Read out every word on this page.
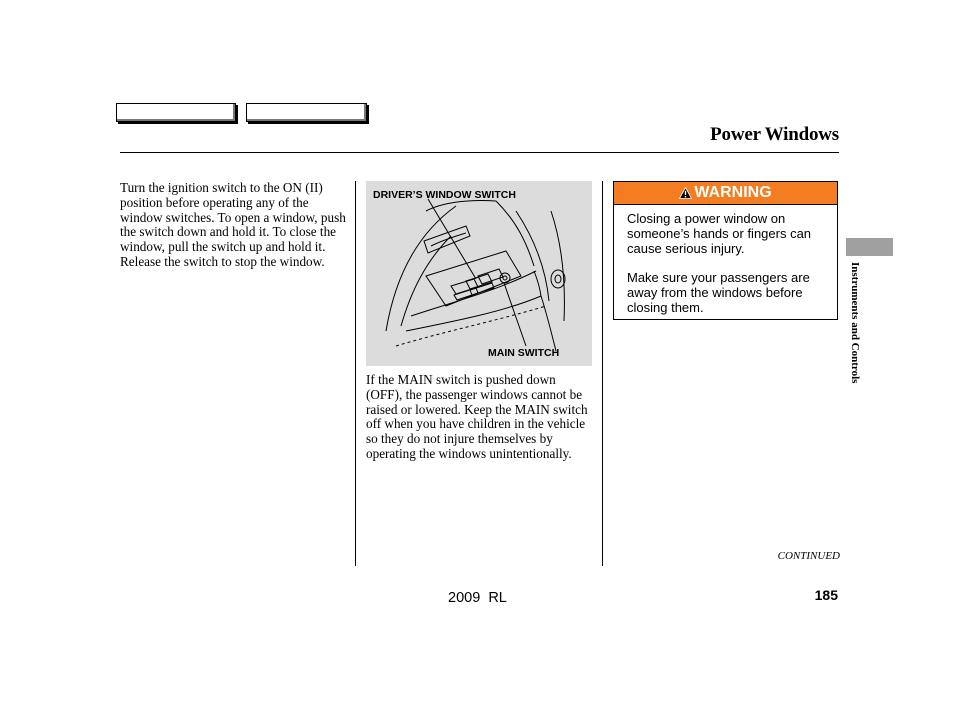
Power Windows

Turn the ignition switch to the ON (II) position before operating any of the window switches. To open a window, push the switch down and hold it. To close the window, pull the switch up and hold it. Release the switch to stop the window.

DRIVER’S WINDOW SWITCH
MAIN SWITCH

If the MAIN switch is pushed down (OFF), the passenger windows cannot be raised or lowered. Keep the MAIN switch off when you have children in the vehicle so they do not injure themselves by operating the windows unintentionally.

WARNING

Closing a power window on someone’s hands or fingers can cause serious injury.

Make sure your passengers are away from the windows before closing them.	Instruments and Controls
CONTINUED
2009  RL	185
